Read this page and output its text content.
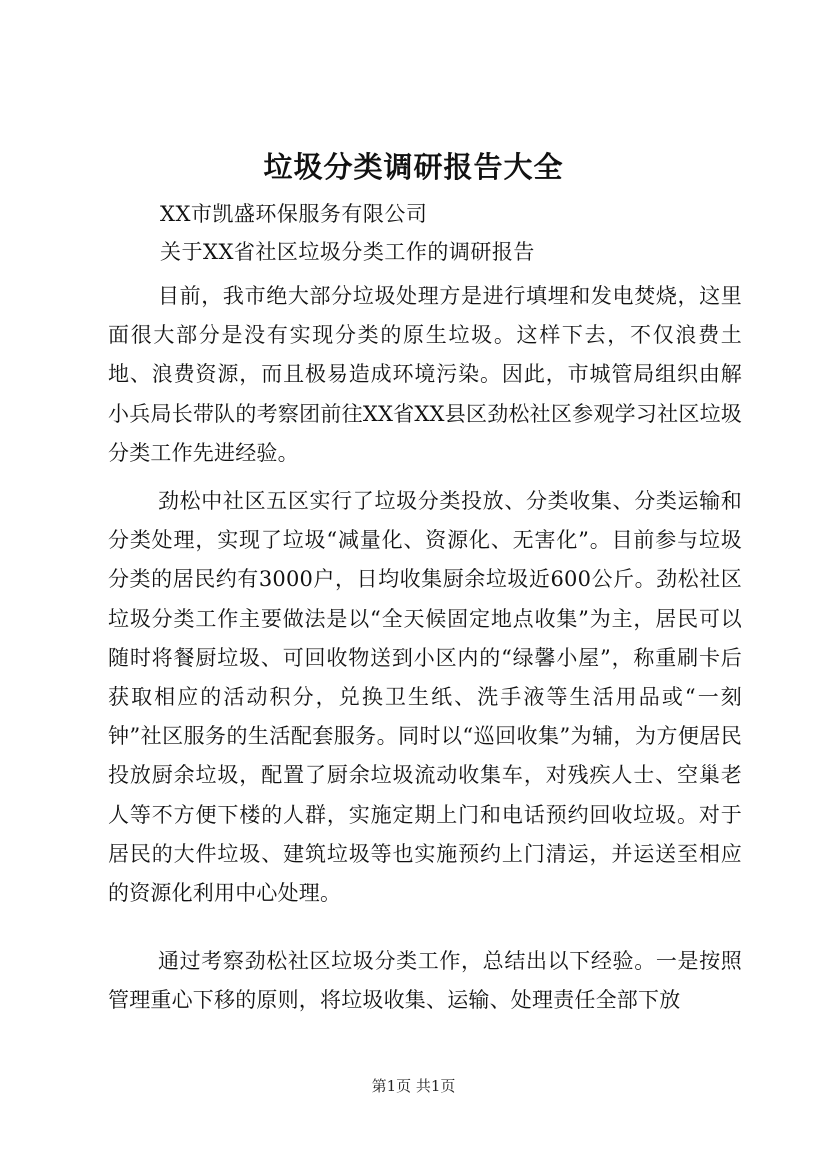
垃圾分类调研报告大全

XX市凯盛环保服务有限公司

关于XX省社区垃圾分类工作的调研报告

目前，我市绝大部分垃圾处理方是进行填埋和发电焚烧，这里面很大部分是没有实现分类的原生垃圾。这样下去，不仅浪费土地、浪费资源，而且极易造成环境污染。因此，市城管局组织由解小兵局长带队的考察团前往XX省XX县区劲松社区参观学习社区垃圾分类工作先进经验。

劲松中社区五区实行了垃圾分类投放、分类收集、分类运输和分类处理，实现了垃圾“减量化、资源化、无害化”。目前参与垃圾分类的居民约有3000户，日均收集厨余垃圾近600公斤。劲松社区垃圾分类工作主要做法是以“全天候固定地点收集”为主，居民可以随时将餐厨垃圾、可回收物送到小区内的“绿馨小屋”，称重刷卡后获取相应的活动积分，兑换卫生纸、洗手液等生活用品或“一刻钟”社区服务的生活配套服务。同时以“巡回收集”为辅，为方便居民投放厨余垃圾，配置了厨余垃圾流动收集车，对残疾人士、空巢老人等不方便下楼的人群，实施定期上门和电话预约回收垃圾。对于居民的大件垃圾、建筑垃圾等也实施预约上门清运，并运送至相应的资源化利用中心处理。

通过考察劲松社区垃圾分类工作，总结出以下经验。一是按照管理重心下移的原则，将垃圾收集、运输、处理责任全部下放

第1页 共1页
